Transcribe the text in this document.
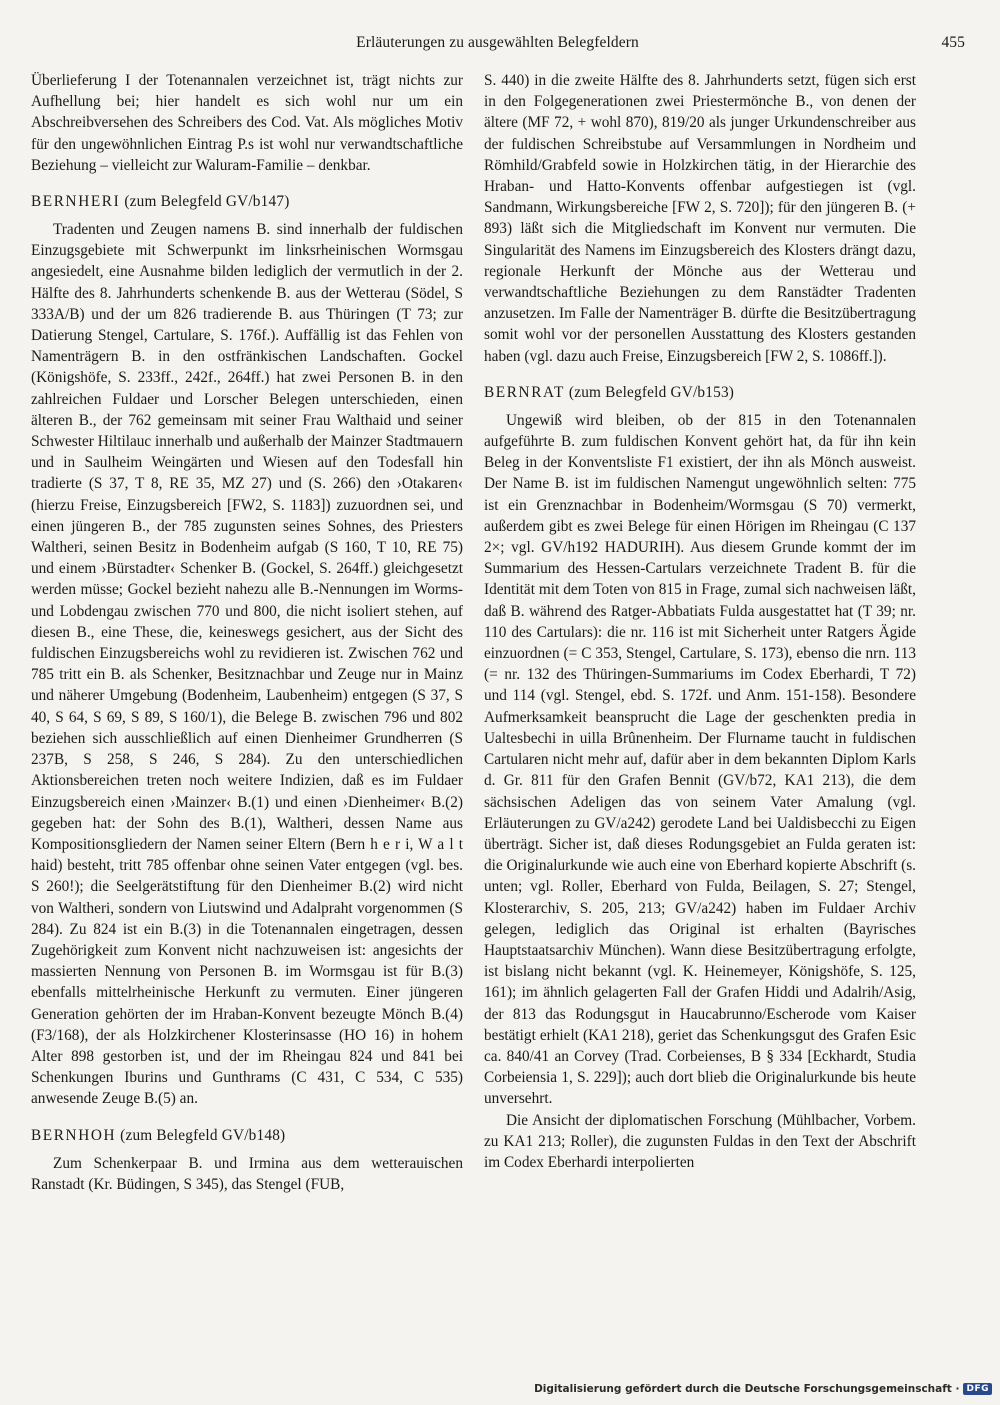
Erläuterungen zu ausgewählten Belegfeldern	455

Überlieferung I der Totenannalen verzeichnet ist, trägt nichts zur Aufhellung bei; hier handelt es sich wohl nur um ein Abschreibversehen des Schreibers des Cod. Vat. Als mögliches Motiv für den ungewöhnlichen Eintrag P.s ist wohl nur verwandtschaftliche Beziehung – vielleicht zur Waluram-Familie – denkbar.

BERNHERI (zum Belegfeld GV/b147)

Tradenten und Zeugen namens B. sind innerhalb der fuldischen Einzugsgebiete mit Schwerpunkt im linksrheinischen Wormsgau angesiedelt, eine Ausnahme bilden lediglich der vermutlich in der 2. Hälfte des 8. Jahrhunderts schenkende B. aus der Wetterau (Södel, S 333A/B) und der um 826 tradierende B. aus Thüringen (T 73; zur Datierung Stengel, Cartulare, S. 176f.). Auffällig ist das Fehlen von Namenträgern B. in den ostfränkischen Landschaften. Gockel (Königshöfe, S. 233ff., 242f., 264ff.) hat zwei Personen B. in den zahlreichen Fuldaer und Lorscher Belegen unterschieden, einen älteren B., der 762 gemeinsam mit seiner Frau Walthaid und seiner Schwester Hiltilauc innerhalb und außerhalb der Mainzer Stadtmauern und in Saulheim Weingärten und Wiesen auf den Todesfall hin tradierte (S 37, T 8, RE 35, MZ 27) und (S. 266) den ›Otakaren‹ (hierzu Freise, Einzugsbereich [FW2, S. 1183]) zuzuordnen sei, und einen jüngeren B., der 785 zugunsten seines Sohnes, des Priesters Waltheri, seinen Besitz in Bodenheim aufgab (S 160, T 10, RE 75) und einem ›Bürstadter‹ Schenker B. (Gockel, S. 264ff.) gleichgesetzt werden müsse; Gockel bezieht nahezu alle B.-Nennungen im Worms- und Lobdengau zwischen 770 und 800, die nicht isoliert stehen, auf diesen B., eine These, die, keineswegs gesichert, aus der Sicht des fuldischen Einzugsbereichs wohl zu revidieren ist. Zwischen 762 und 785 tritt ein B. als Schenker, Besitznachbar und Zeuge nur in Mainz und näherer Umgebung (Bodenheim, Laubenheim) entgegen (S 37, S 40, S 64, S 69, S 89, S 160/1), die Belege B. zwischen 796 und 802 beziehen sich ausschließlich auf einen Dienheimer Grundherren (S 237B, S 258, S 246, S 284). Zu den unterschiedlichen Aktionsbereichen treten noch weitere Indizien, daß es im Fuldaer Einzugsbereich einen ›Mainzer‹ B.(1) und einen ›Dienheimer‹ B.(2) gegeben hat: der Sohn des B.(1), Waltheri, dessen Name aus Kompositionsgliedern der Namen seiner Eltern (Bern h e r i, W a l t haid) besteht, tritt 785 offenbar ohne seinen Vater entgegen (vgl. bes. S 260!); die Seelgerätstiftung für den Dienheimer B.(2) wird nicht von Waltheri, sondern von Liutswind und Adalpraht vorgenommen (S 284). Zu 824 ist ein B.(3) in die Totenannalen eingetragen, dessen Zugehörigkeit zum Konvent nicht nachzuweisen ist: angesichts der massierten Nennung von Personen B. im Wormsgau ist für B.(3) ebenfalls mittelrheinische Herkunft zu vermuten. Einer jüngeren Generation gehörten der im Hraban-Konvent bezeugte Mönch B.(4) (F3/168), der als Holzkirchener Klosterinsasse (HO 16) in hohem Alter 898 gestorben ist, und der im Rheingau 824 und 841 bei Schenkungen Iburins und Gunthrams (C 431, C 534, C 535) anwesende Zeuge B.(5) an.

BERNHOH (zum Belegfeld GV/b148)

Zum Schenkerpaar B. und Irmina aus dem wetterauischen Ranstadt (Kr. Büdingen, S 345), das Stengel (FUB,

S. 440) in die zweite Hälfte des 8. Jahrhunderts setzt, fügen sich erst in den Folgegenerationen zwei Priestermönche B., von denen der ältere (MF 72, + wohl 870), 819/20 als junger Urkundenschreiber aus der fuldischen Schreibstube auf Versammlungen in Nordheim und Römhild/Grabfeld sowie in Holzkirchen tätig, in der Hierarchie des Hraban- und Hatto-Konvents offenbar aufgestiegen ist (vgl. Sandmann, Wirkungsbereiche [FW 2, S. 720]); für den jüngeren B. (+ 893) läßt sich die Mitgliedschaft im Konvent nur vermuten. Die Singularität des Namens im Einzugsbereich des Klosters drängt dazu, regionale Herkunft der Mönche aus der Wetterau und verwandtschaftliche Beziehungen zu dem Ranstädter Tradenten anzusetzen. Im Falle der Namenträger B. dürfte die Besitzübertragung somit wohl vor der personellen Ausstattung des Klosters gestanden haben (vgl. dazu auch Freise, Einzugsbereich [FW 2, S. 1086ff.]).

BERNRAT (zum Belegfeld GV/b153)

Ungewiß wird bleiben, ob der 815 in den Totenannalen aufgeführte B. zum fuldischen Konvent gehört hat, da für ihn kein Beleg in der Konventsliste F1 existiert, der ihn als Mönch ausweist. Der Name B. ist im fuldischen Namengut ungewöhnlich selten: 775 ist ein Grenznachbar in Bodenheim/Wormsgau (S 70) vermerkt, außerdem gibt es zwei Belege für einen Hörigen im Rheingau (C 137 2×; vgl. GV/h192 HADURIH). Aus diesem Grunde kommt der im Summarium des Hessen-Cartulars verzeichnete Tradent B. für die Identität mit dem Toten von 815 in Frage, zumal sich nachweisen läßt, daß B. während des Ratger-Abbatiats Fulda ausgestattet hat (T 39; nr. 110 des Cartulars): die nr. 116 ist mit Sicherheit unter Ratgers Ägide einzuordnen (= C 353, Stengel, Cartulare, S. 173), ebenso die nrn. 113 (= nr. 132 des Thüringen-Summariums im Codex Eberhardi, T 72) und 114 (vgl. Stengel, ebd. S. 172f. und Anm. 151-158). Besondere Aufmerksamkeit beansprucht die Lage der geschenkten predia in Ualtesbechi in uilla Brûnenheim. Der Flurname taucht in fuldischen Cartularen nicht mehr auf, dafür aber in dem bekannten Diplom Karls d. Gr. 811 für den Grafen Bennit (GV/b72, KA1 213), die dem sächsischen Adeligen das von seinem Vater Amalung (vgl. Erläuterungen zu GV/a242) gerodete Land bei Ualdisbecchi zu Eigen überträgt. Sicher ist, daß dieses Rodungsgebiet an Fulda geraten ist: die Originalurkunde wie auch eine von Eberhard kopierte Abschrift (s. unten; vgl. Roller, Eberhard von Fulda, Beilagen, S. 27; Stengel, Klosterarchiv, S. 205, 213; GV/a242) haben im Fuldaer Archiv gelegen, lediglich das Original ist erhalten (Bayrisches Hauptstaatsarchiv München). Wann diese Besitzübertragung erfolgte, ist bislang nicht bekannt (vgl. K. Heinemeyer, Königshöfe, S. 125, 161); im ähnlich gelagerten Fall der Grafen Hiddi und Adalrih/Asig, der 813 das Rodungsgut in Haucabrunno/Escherode vom Kaiser bestätigt erhielt (KA1 218), geriet das Schenkungsgut des Grafen Esic ca. 840/41 an Corvey (Trad. Corbeienses, B § 334 [Eckhardt, Studia Corbeiensia 1, S. 229]); auch dort blieb die Originalurkunde bis heute unversehrt.

Die Ansicht der diplomatischen Forschung (Mühlbacher, Vorbem. zu KA1 213; Roller), die zugunsten Fuldas in den Text der Abschrift im Codex Eberhardi interpolierten

Digitalisierung gefördert durch die Deutsche Forschungsgemeinschaft · DFG
